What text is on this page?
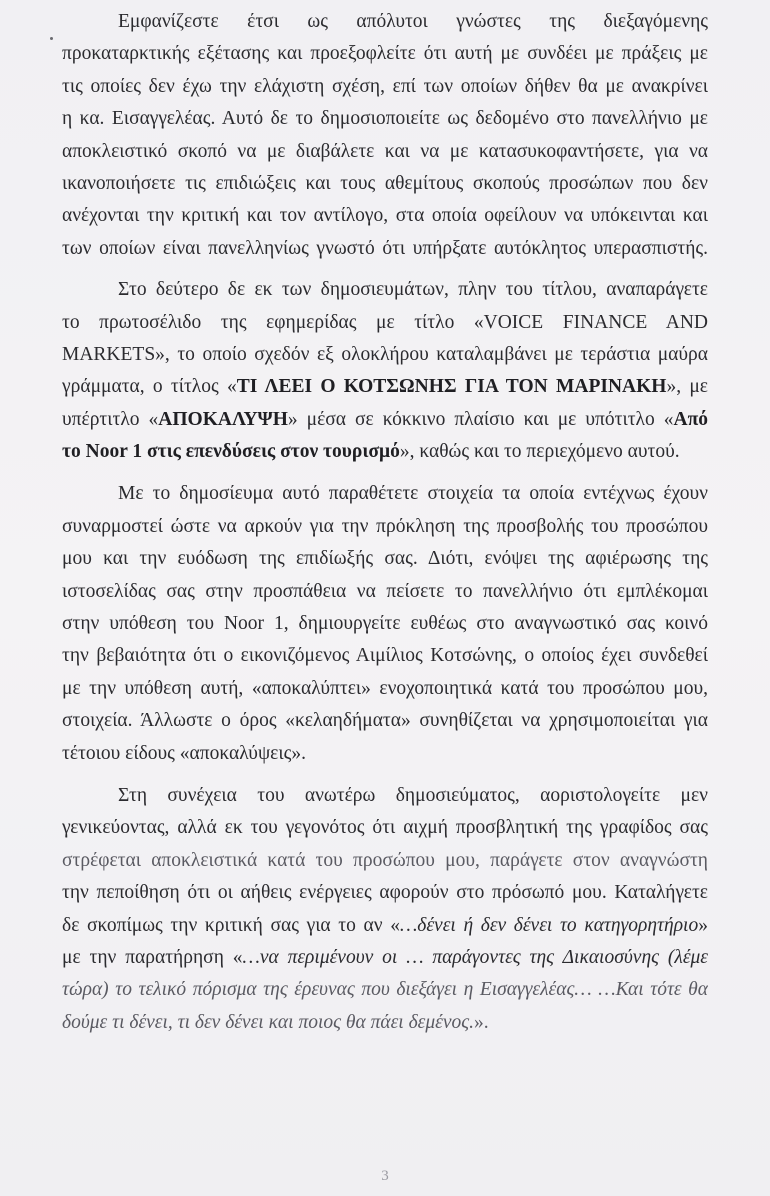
Εμφανίζεστε έτσι ως απόλυτοι γνώστες της διεξαγόμενης
προκαταρκτικής εξέτασης και προεξοφλείτε ότι αυτή με συνδέει με πράξεις με
τις οποίες δεν έχω την ελάχιστη σχέση, επί των οποίων δήθεν θα με ανακρίνει
η κα. Εισαγγελέας. Αυτό δε το δημοσιοποιείτε ως δεδομένο στο πανελλήνιο με
αποκλειστικό σκοπό να με διαβάλετε και να με κατασυκοφαντήσετε, για να
ικανοποιήσετε τις επιδιώξεις και τους αθεμίτους σκοπούς προσώπων που δεν
ανέχονται την κριτική και τον αντίλογο, στα οποία οφείλουν να υπόκεινται και
των οποίων είναι πανελληνίως γνωστό ότι υπήρξατε αυτόκλητος υπερασπιστής.
Στο δεύτερο δε εκ των δημοσιευμάτων, πλην του τίτλου, αναπαράγετε
το πρωτοσέλιδο της εφημερίδας με τίτλο «VOICE FINANCE AND
MARKETS», το οποίο σχεδόν εξ ολοκλήρου καταλαμβάνει με τεράστια μαύρα
γράμματα, ο τίτλος «ΤΙ ΛΕΕΙ Ο ΚΟΤΣΩΝΗΣ ΓΙΑ ΤΟΝ ΜΑΡΙΝΑΚΗ», με
υπέρτιτλο «ΑΠΟΚΑΛΥΨΗ» μέσα σε κόκκινο πλαίσιο και με υπότιτλο «Από
το Noor 1 στις επενδύσεις στον τουρισμό», καθώς και το περιεχόμενο αυτού.
Με το δημοσίευμα αυτό παραθέτετε στοιχεία τα οποία εντέχνως έχουν
συναρμοστεί ώστε να αρκούν για την πρόκληση της προσβολής του προσώπου
μου και την ευόδωση της επιδίωξής σας. Διότι, ενόψει της αφιέρωσης της
ιστοσελίδας σας στην προσπάθεια να πείσετε το πανελλήνιο ότι εμπλέκομαι
στην υπόθεση του Noor 1, δημιουργείτε ευθέως στο αναγνωστικό σας κοινό
την βεβαιότητα ότι ο εικονιζόμενος Αιμίλιος Κοτσώνης, ο οποίος έχει συνδεθεί
με την υπόθεση αυτή, «αποκαλύπτει» ενοχοποιητικά κατά του προσώπου μου,
στοιχεία. Άλλωστε ο όρος «κελαηδήματα» συνηθίζεται να χρησιμοποιείται για
τέτοιου είδους «αποκαλύψεις».
Στη συνέχεια του ανωτέρω δημοσιεύματος, αοριστολογείτε μεν
γενικεύοντας, αλλά εκ του γεγονότος ότι αιχμή προσβλητική της γραφίδος σας
στρέφεται αποκλειστικά κατά του προσώπου μου, παράγετε στον αναγνώστη
την πεποίθηση ότι οι αήθεις ενέργειες αφορούν στο πρόσωπό μου. Καταλήγετε
δε σκοπίμως την κριτική σας για το αν «…δένει ή δεν δένει το κατηγορητήριο»
με την παρατήρηση «…να περιμένουν οι … παράγοντες της Δικαιοσύνης (λέμε
τώρα) το τελικό πόρισμα της έρευνας που διεξάγει η Εισαγγελέας… …Και τότε θα
δούμε τι δένει, τι δεν δένει και ποιος θα πάει δεμένος.».
3
